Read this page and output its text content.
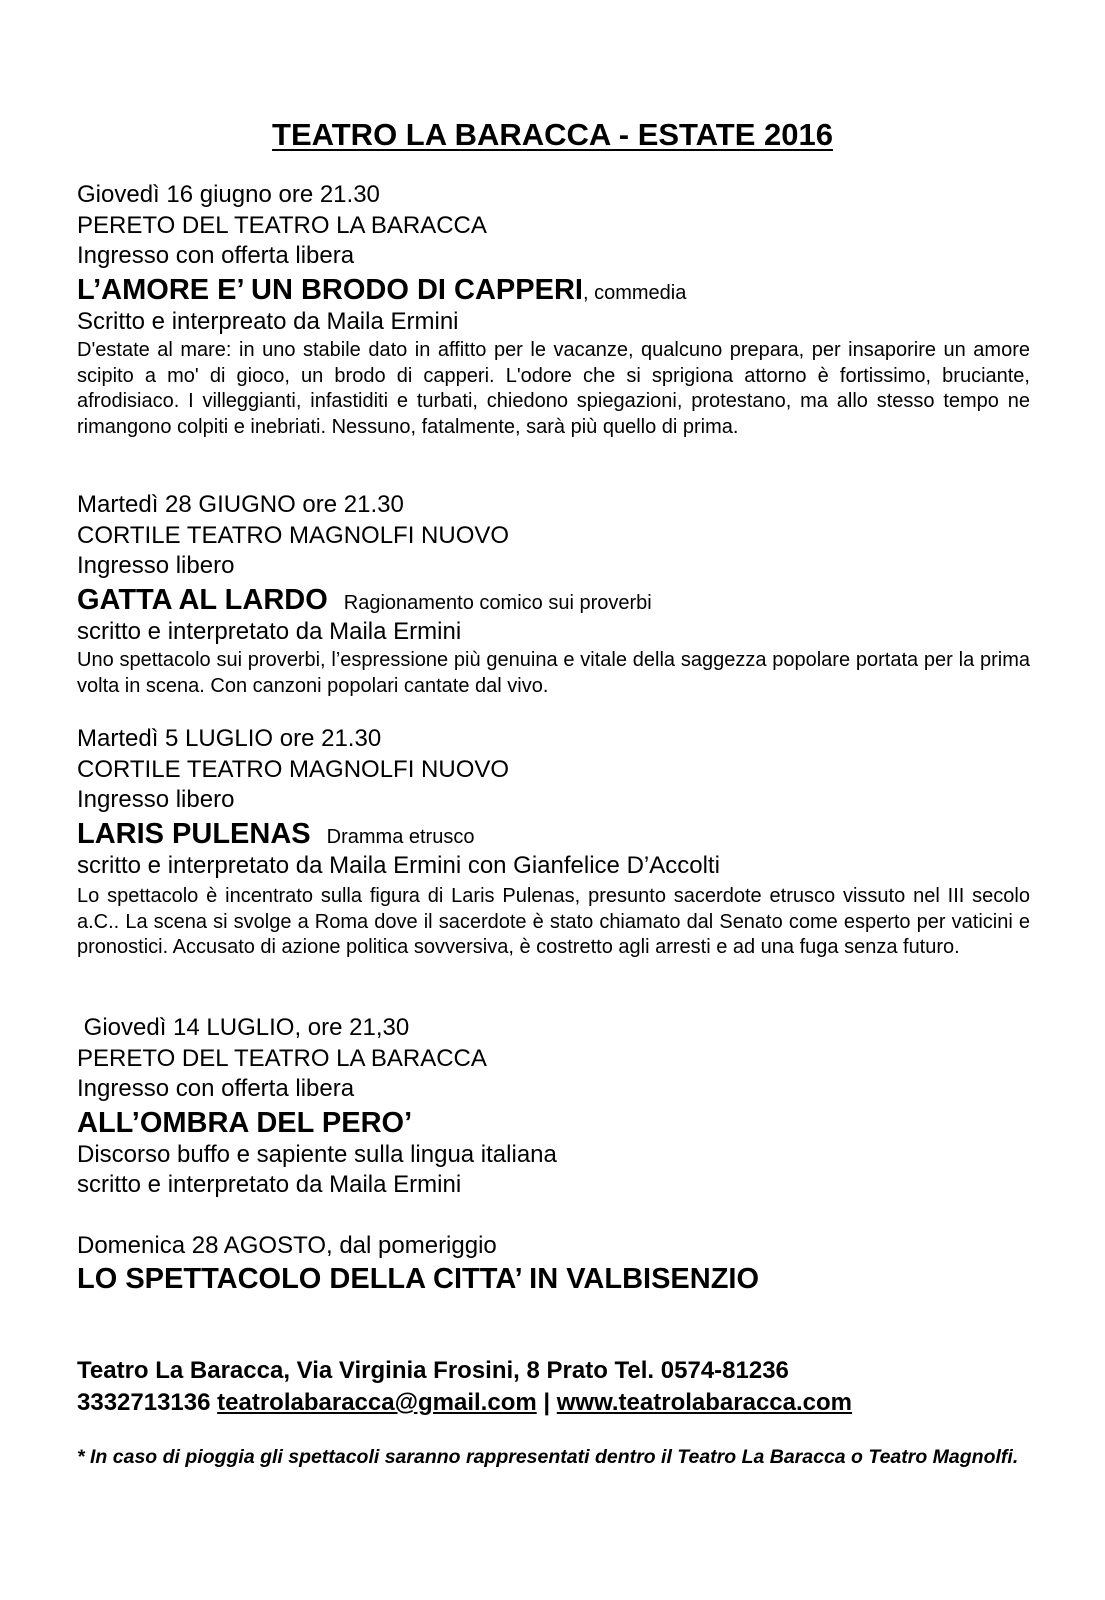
TEATRO LA BARACCA - ESTATE 2016
Giovedì 16 giugno ore 21.30
PERETO DEL TEATRO LA BARACCA
Ingresso con offerta libera
L’AMORE E’ UN BRODO DI CAPPERI, commedia
Scritto e interpreato da Maila Ermini
D'estate al mare: in uno stabile dato in affitto per le vacanze, qualcuno prepara, per insaporire un amore scipito a mo' di gioco, un brodo di capperi. L'odore che si sprigiona attorno è fortissimo, bruciante, afrodisiaco. I villeggianti, infastiditi e turbati, chiedono spiegazioni, protestano, ma allo stesso tempo ne rimangono colpiti e inebriati. Nessuno, fatalmente, sarà più quello di prima.
Martedì 28 GIUGNO ore 21.30
CORTILE TEATRO MAGNOLFI NUOVO
Ingresso libero
GATTA AL LARDO Ragionamento comico sui proverbi
scritto e interpretato da Maila Ermini
Uno spettacolo sui proverbi, l’espressione più genuina e vitale della saggezza popolare portata per la prima volta in scena. Con canzoni popolari cantate dal vivo.
Martedì 5 LUGLIO ore 21.30
CORTILE TEATRO MAGNOLFI NUOVO
Ingresso libero
LARIS PULENAS Dramma etrusco
scritto e interpretato da Maila Ermini con Gianfelice D’Accolti
Lo spettacolo è incentrato sulla figura di Laris Pulenas, presunto sacerdote etrusco vissuto nel III secolo a.C.. La scena si svolge a Roma dove il sacerdote è stato chiamato dal Senato come esperto per vaticini e pronostici. Accusato di azione politica sovversiva, è costretto agli arresti e ad una fuga senza futuro.
Giovedì 14 LUGLIO, ore 21,30
PERETO DEL TEATRO LA BARACCA
Ingresso con offerta libera
ALL’OMBRA DEL PERO’
Discorso buffo e sapiente sulla lingua italiana
scritto e interpretato da Maila Ermini
Domenica 28 AGOSTO, dal pomeriggio
LO SPETTACOLO DELLA CITTA’ IN VALBISENZIO
Teatro La Baracca, Via Virginia Frosini, 8 Prato Tel. 0574-81236
3332713136 teatrolabaracca@gmail.com | www.teatrolabaracca.com
* In caso di pioggia gli spettacoli saranno rappresentati dentro il Teatro La Baracca o Teatro Magnolfi.
